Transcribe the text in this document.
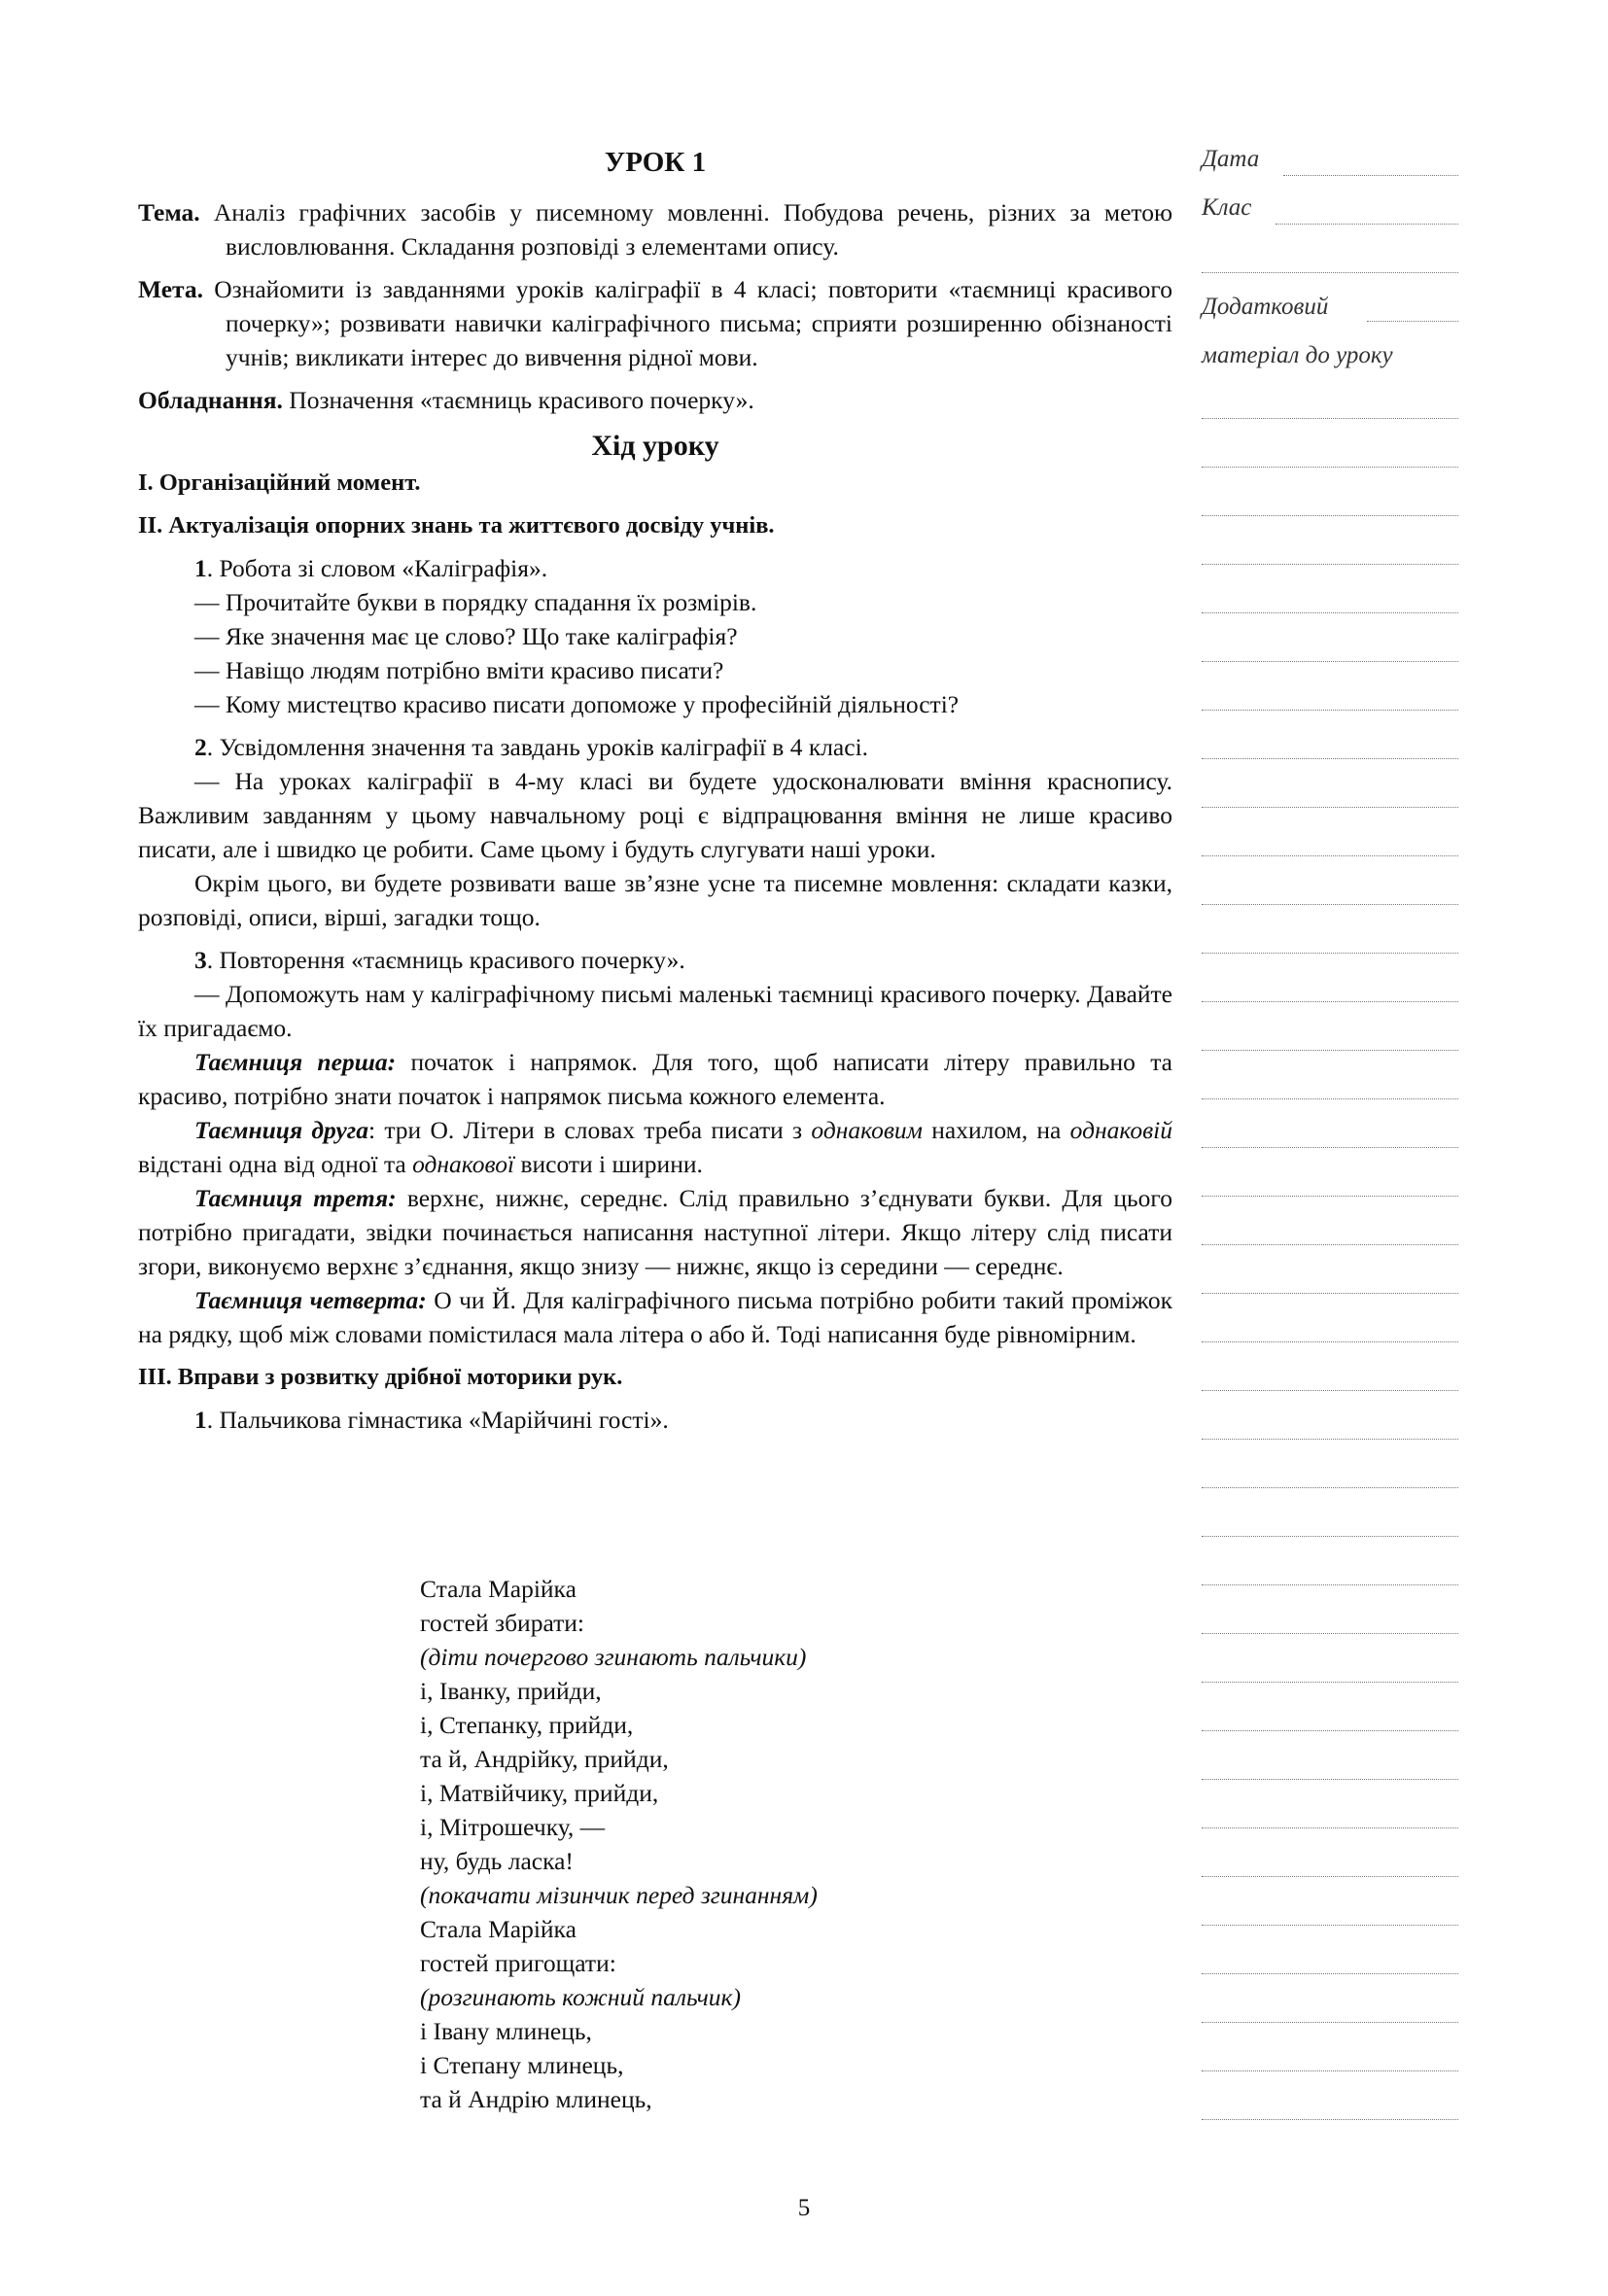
УРОК 1
Тема. Аналіз графічних засобів у писемному мовленні. Побудова речень, різних за метою висловлювання. Складання розповіді з елементами опису.
Мета. Ознайомити із завданнями уроків каліграфії в 4 класі; повторити «таємниці красивого почерку»; розвивати навички каліграфічного письма; сприяти розширенню обізнаності учнів; викликати інтерес до вивчення рідної мови.
Обладнання. Позначення «таємниць красивого почерку».
Хід уроку
I. Організаційний момент.
II. Актуалізація опорних знань та життєвого досвіду учнів.
1. Робота зі словом «Каліграфія».
— Прочитайте букви в порядку спадання їх розмірів.
— Яке значення має це слово? Що таке каліграфія?
— Навіщо людям потрібно вміти красиво писати?
— Кому мистецтво красиво писати допоможе у професійній діяльності?
2. Усвідомлення значення та завдань уроків каліграфії в 4 класі.
— На уроках каліграфії в 4-му класі ви будете удосконалювати вміння краснопису. Важливим завданням у цьому навчальному році є відпрацювання вміння не лише красиво писати, але і швидко це робити. Саме цьому і будуть слугувати наші уроки.
Окрім цього, ви будете розвивати ваше зв’язне усне та писемне мовлення: складати казки, розповіді, описи, вірші, загадки тощо.
3. Повторення «таємниць красивого почерку».
— Допоможуть нам у каліграфічному письмі маленькі таємниці красивого почерку. Давайте їх пригадаємо.
Таємниця перша: початок і напрямок. Для того, щоб написати літеру правильно та красиво, потрібно знати початок і напрямок письма кожного елемента.
Таємниця друга: три О. Літери в словах треба писати з однаковим нахилом, на однаковій відстані одна від одної та однакової висоти і ширини.
Таємниця третя: верхнє, нижнє, середнє. Слід правильно з’єднувати букви. Для цього потрібно пригадати, звідки починається написання наступної літери. Якщо літеру слід писати згори, виконуємо верхнє з’єднання, якщо знизу — нижнє, якщо із середини — середнє.
Таємниця четверта: О чи Й. Для каліграфічного письма потрібно робити такий проміжок на рядку, щоб між словами помістилася мала літера о або й. Тоді написання буде рівномірним.
III. Вправи з розвитку дрібної моторики рук.
1. Пальчикова гімнастика «Марійчині гості».
Стала Марійка
гостей збирати:
(діти почергово згинають пальчики)
і, Іванку, прийди,
і, Степанку, прийди,
та й, Андрійку, прийди,
і, Матвійчику, прийди,
і, Мітрошечку, —
ну, будь ласка!
(покачати мізинчик перед згинанням)
Стала Марійка
гостей пригощати:
(розгинають кожний пальчик)
і Івану млинець,
і Степану млинець,
та й Андрію млинець,
Дата
Клас
Додатковий
матеріал до уроку
5
